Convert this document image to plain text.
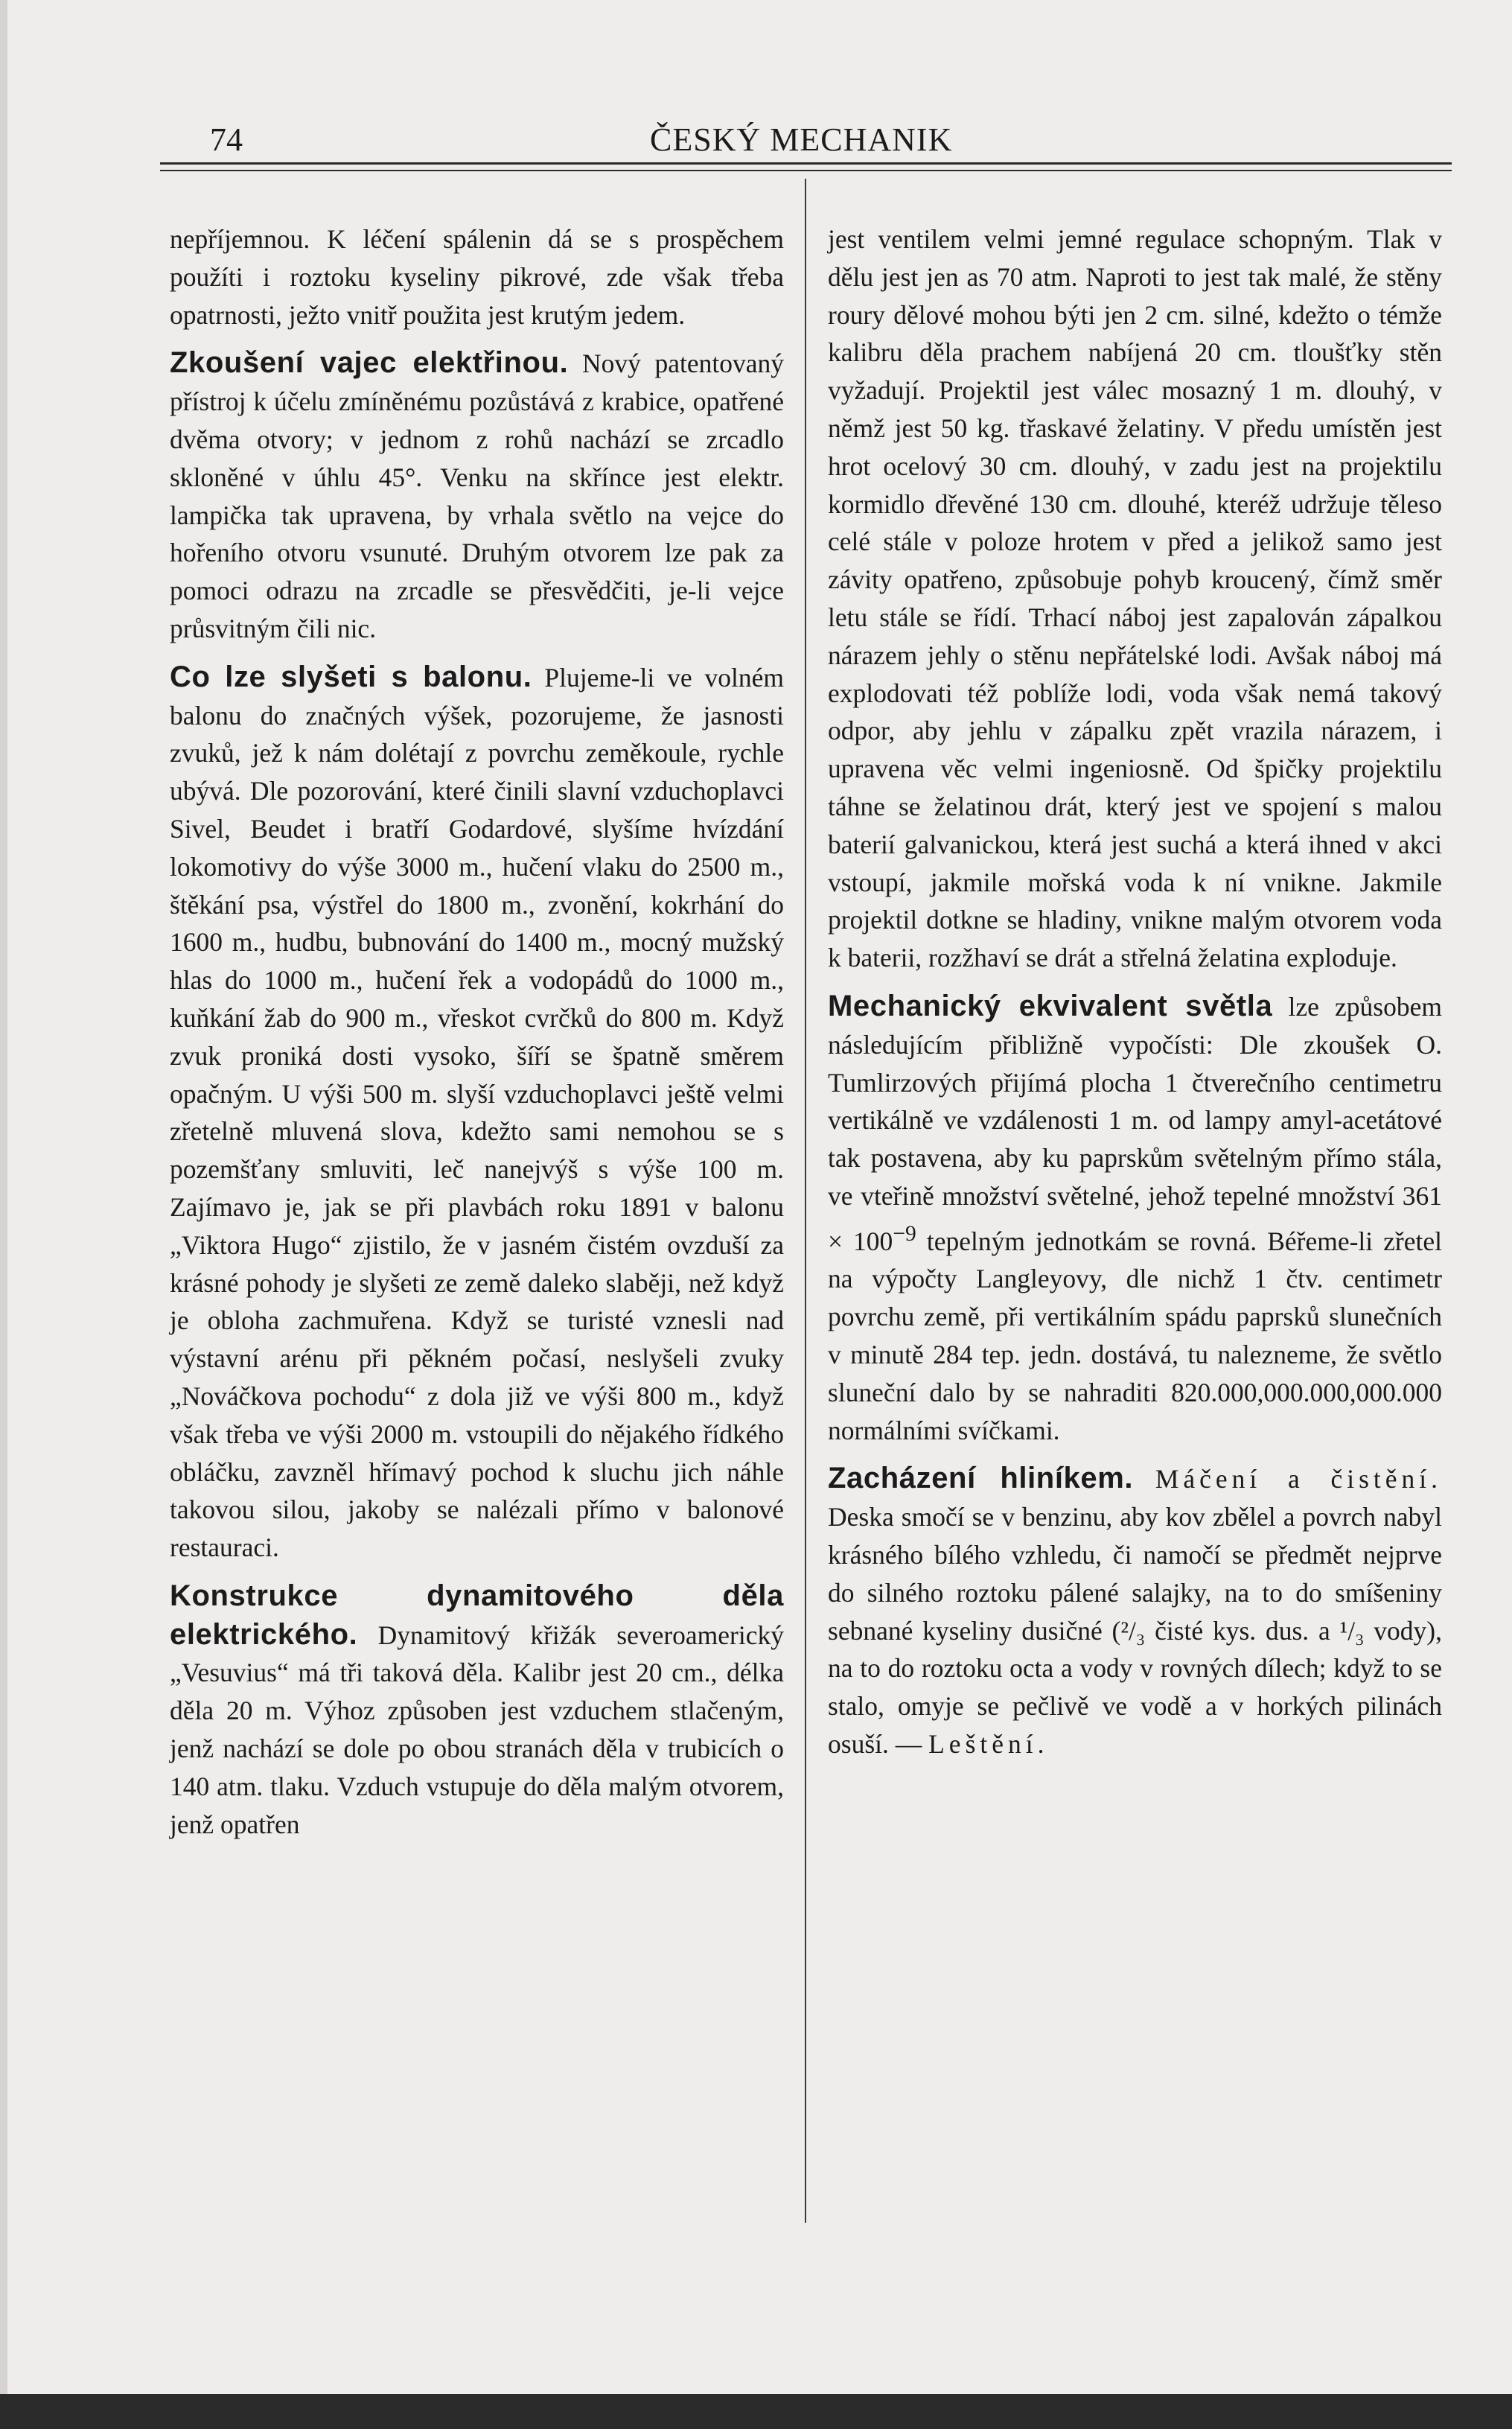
74	ČESKÝ MECHANIK

nepříjemnou. K léčení spálenin dá se s prospěchem použíti i roztoku kyseliny pikrové, zde však třeba opatrnosti, ježto vnitř použita jest krutým jedem.

Zkoušení vajec elektřinou. Nový patentovaný přístroj k účelu zmíněnému pozůstává z krabice, opatřené dvěma otvory; v jednom z rohů nachází se zrcadlo skloněné v úhlu 45°. Venku na skřínce jest elektr. lampička tak upravena, by vrhala světlo na vejce do hořeního otvoru vsunuté. Druhým otvorem lze pak za pomoci odrazu na zrcadle se přesvědčiti, je-li vejce průsvitným čili nic.

Co lze slyšeti s balonu. Plujeme-li ve volném balonu do značných výšek, pozorujeme, že jasnosti zvuků, jež k nám dolétají z povrchu zeměkoule, rychle ubývá. Dle pozorování, které činili slavní vzduchoplavci Sivel, Beudet i bratří Godardové, slyšíme hvízdání lokomotivy do výše 3000 m., hučení vlaku do 2500 m., štěkání psa, výstřel do 1800 m., zvonění, kokrhání do 1600 m., hudbu, bubnování do 1400 m., mocný mužský hlas do 1000 m., hučení řek a vodopádů do 1000 m., kuňkání žab do 900 m., vřeskot cvrčků do 800 m. Když zvuk proniká dosti vysoko, šíří se špatně směrem opačným. U výši 500 m. slyší vzduchoplavci ještě velmi zřetelně mluvená slova, kdežto sami nemohou se s pozemšťany smluviti, leč nanejvýš s výše 100 m. Zajímavo je, jak se při plavbách roku 1891 v balonu „Viktora Hugo“ zjistilo, že v jasném čistém ovzduší za krásné pohody je slyšeti ze země daleko slaběji, než když je obloha zachmuřena. Když se turisté vznesli nad výstavní arénu při pěkném počasí, neslyšeli zvuky „Nováčkova pochodu“ z dola již ve výši 800 m., když však třeba ve výši 2000 m. vstoupili do nějakého řídkého obláčku, zavzněl hřímavý pochod k sluchu jich náhle takovou silou, jakoby se nalézali přímo v balonové restauraci.

Konstrukce dynamitového děla elektrického. Dynamitový křižák severoamerický „Vesuvius“ má tři taková děla. Kalibr jest 20 cm., délka děla 20 m. Výhoz způsoben jest vzduchem stlačeným, jenž nachází se dole po obou stranách děla v trubicích o 140 atm. tlaku. Vzduch vstupuje do děla malým otvorem, jenž opatřen

jest ventilem velmi jemné regulace schopným. Tlak v dělu jest jen as 70 atm. Naproti to jest tak malé, že stěny roury dělové mohou býti jen 2 cm. silné, kdežto o témže kalibru děla prachem nabíjená 20 cm. tloušťky stěn vyžadují. Projektil jest válec mosazný 1 m. dlouhý, v němž jest 50 kg. třaskavé želatiny. V předu umístěn jest hrot ocelový 30 cm. dlouhý, v zadu jest na projektilu kormidlo dřevěné 130 cm. dlouhé, kteréž udržuje těleso celé stále v poloze hrotem v před a jelikož samo jest závity opatřeno, způsobuje pohyb kroucený, čímž směr letu stále se řídí. Trhací náboj jest zapalován zápalkou nárazem jehly o stěnu nepřátelské lodi. Avšak náboj má explodovati též poblíže lodi, voda však nemá takový odpor, aby jehlu v zápalku zpět vrazila nárazem, i upravena věc velmi ingeniosně. Od špičky projektilu táhne se želatinou drát, který jest ve spojení s malou baterií galvanickou, která jest suchá a která ihned v akci vstoupí, jakmile mořská voda k ní vnikne. Jakmile projektil dotkne se hladiny, vnikne malým otvorem voda k baterii, rozžhaví se drát a střelná želatina exploduje.

Mechanický ekvivalent světla lze způsobem následujícím přibližně vypočísti: Dle zkoušek O. Tumlirzových přijímá plocha 1 čtverečního centimetru vertikálně ve vzdálenosti 1 m. od lampy amyl-acetátové tak postavena, aby ku paprskům světelným přímo stála, ve vteřině množství světelné, jehož tepelné množství $361 \times 100^{-9}$ tepelným jednotkám se rovná. Béřeme-li zřetel na výpočty Langleyovy, dle nichž 1 čtv. centimetr povrchu země, při vertikálním spádu paprsků slunečních v minutě 284 tep. jedn. dostává, tu nalezneme, že světlo sluneční dalo by se nahraditi 820.000,000.000,000.000 normálními svíčkami.

Zacházení hliníkem. Máčení a čistění. Deska smočí se v benzinu, aby kov zbělel a povrch nabyl krásného bílého vzhledu, či namočí se předmět nejprve do silného roztoku pálené salajky, na to do smíšeniny sebnané kyseliny dusičné (²/₃ čisté kys. dus. a ¹/₃ vody), na to do roztoku octa a vody v rovných dílech; když to se stalo, omyje se pečlivě ve vodě a v horkých pilinách osuší. — Leštění.
